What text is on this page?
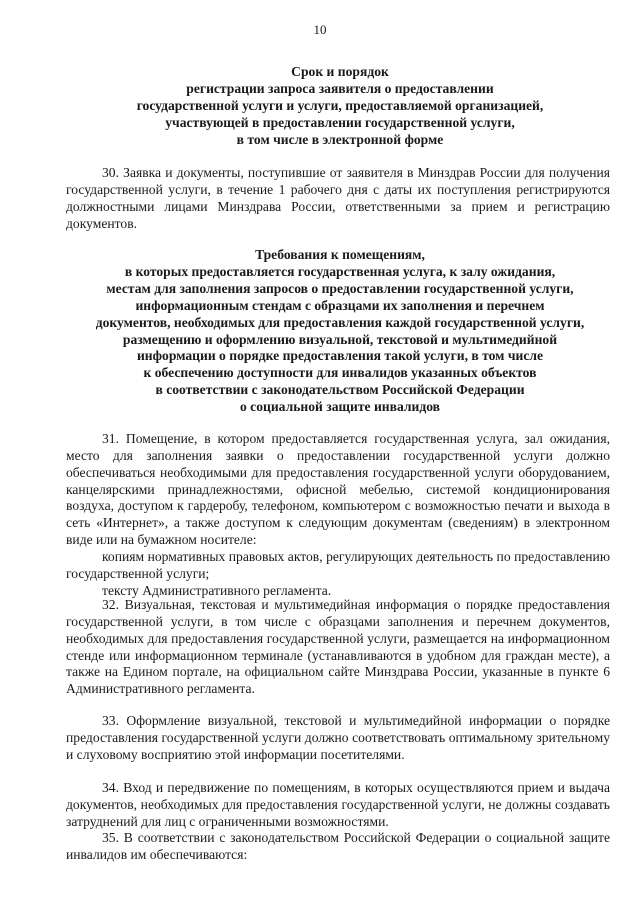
10
Срок и порядок
регистрации запроса заявителя о предоставлении
государственной услуги и услуги, предоставляемой организацией,
участвующей в предоставлении государственной услуги,
в том числе в электронной форме

30. Заявка и документы, поступившие от заявителя в Минздрав России для получения государственной услуги, в течение 1 рабочего дня с даты их поступления регистрируются должностными лицами Минздрава России, ответственными за прием и регистрацию документов.

Требования к помещениям,
в которых предоставляется государственная услуга, к залу ожидания,
местам для заполнения запросов о предоставлении государственной услуги,
информационным стендам с образцами их заполнения и перечнем
документов, необходимых для предоставления каждой государственной услуги,
размещению и оформлению визуальной, текстовой и мультимедийной
информации о порядке предоставления такой услуги, в том числе
к обеспечению доступности для инвалидов указанных объектов
в соответствии с законодательством Российской Федерации
о социальной защите инвалидов
31. Помещение, в котором предоставляется государственная услуга, зал ожидания, место для заполнения заявки о предоставлении государственной услуги должно обеспечиваться необходимыми для предоставления государственной услуги оборудованием, канцелярскими принадлежностями, офисной мебелью, системой кондиционирования воздуха, доступом к гардеробу, телефоном, компьютером с возможностью печати и выхода в сеть «Интернет», а также доступом к следующим документам (сведениям) в электронном виде или на бумажном носителе:
копиям нормативных правовых актов, регулирующих деятельность по предоставлению государственной услуги;
тексту Административного регламента.

32. Визуальная, текстовая и мультимедийная информация о порядке предоставления государственной услуги, в том числе с образцами заполнения и перечнем документов, необходимых для предоставления государственной услуги, размещается на информационном стенде или информационном терминале (устанавливаются в удобном для граждан месте), а также на Едином портале, на официальном сайте Минздрава России, указанные в пункте 6 Административного регламента.

33. Оформление визуальной, текстовой и мультимедийной информации о порядке предоставления государственной услуги должно соответствовать оптимальному зрительному и слуховому восприятию этой информации посетителями.

34. Вход и передвижение по помещениям, в которых осуществляются прием и выдача документов, необходимых для предоставления государственной услуги, не должны создавать затруднений для лиц с ограниченными возможностями.

35. В соответствии с законодательством Российской Федерации о социальной защите инвалидов им обеспечиваются:
